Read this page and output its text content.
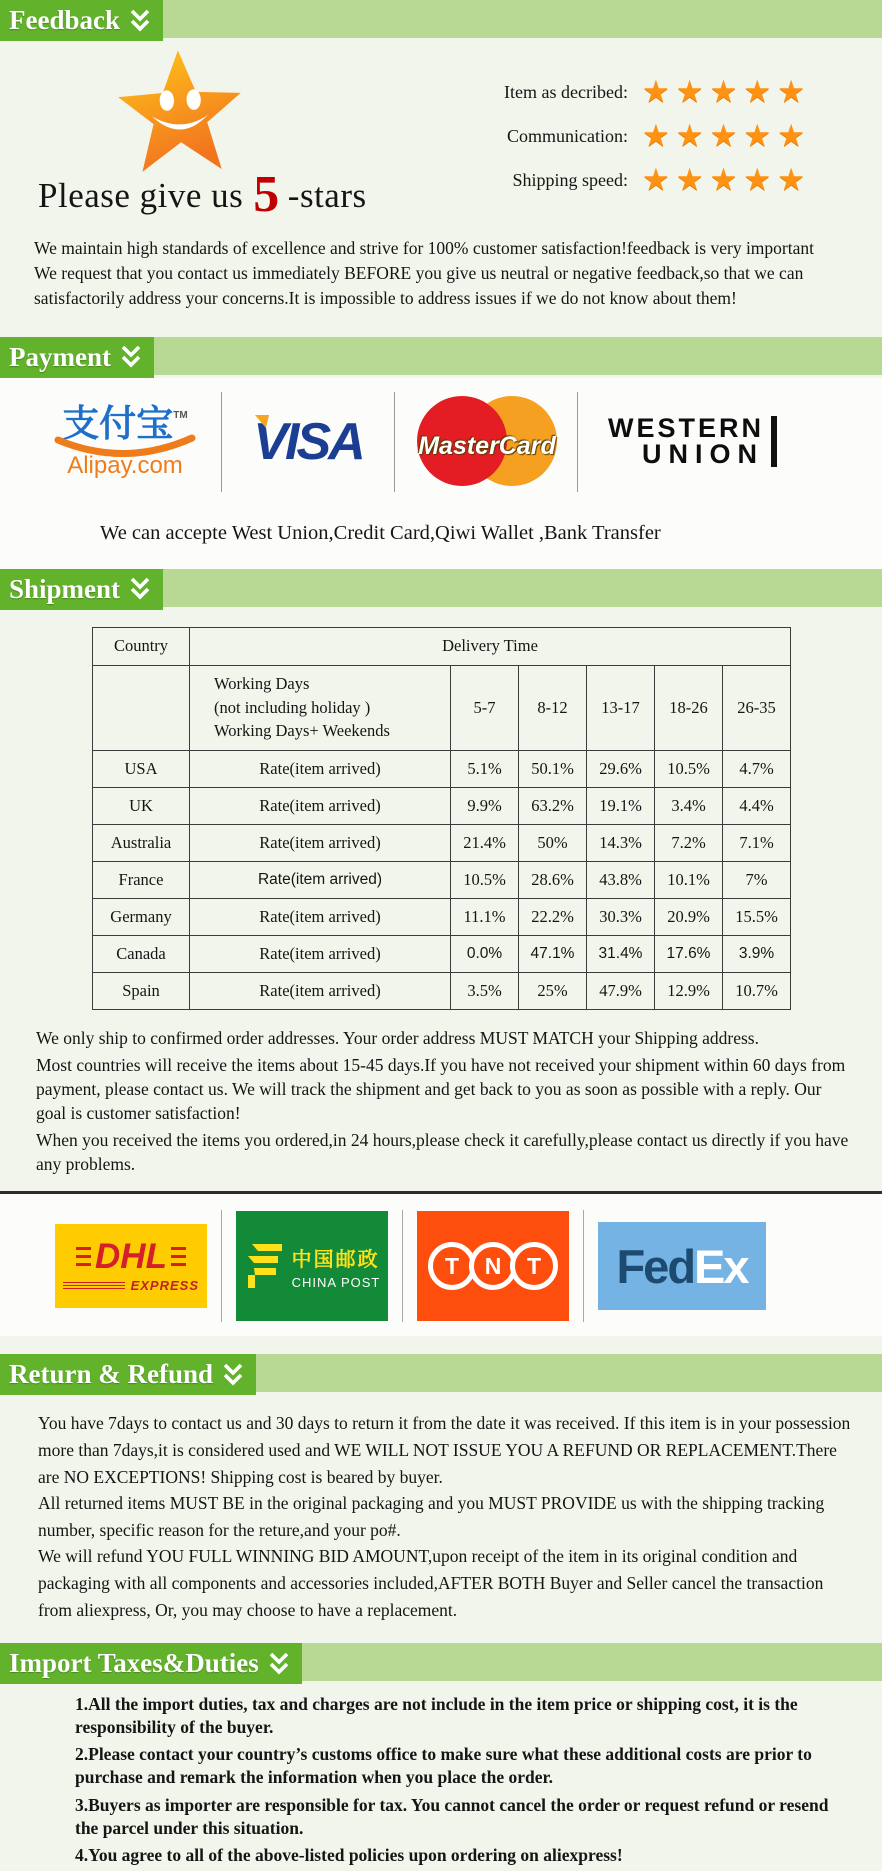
Feedback
Please give us 5 -stars
Item as decribed: ★ ★ ★ ★ ★
Communication: ★ ★ ★ ★ ★
Shipping speed: ★ ★ ★ ★ ★
We maintain high standards of excellence and strive for 100% customer satisfaction!feedback is very important
We request that you contact us immediately BEFORE you give us neutral or negative feedback,so that we can
satisfactorily address your concerns.It is impossible to address issues if we do not know about them!
Payment
支付宝™
Alipay.com	VISA	MasterCard
WESTERN
UNION
We can accepte West Union,Credit Card,Qiwi Wallet ,Bank Transfer
Shipment
Country	Delivery Time					

	Working Days
(not including holiday )
Working Days+ Weekends	5-7	8-12	13-17	18-26	26-35
USA	Rate(item arrived)	5.1%	50.1%	29.6%	10.5%	4.7%
UK	Rate(item arrived)	9.9%	63.2%	19.1%	3.4%	4.4%
Australia	Rate(item arrived)	21.4%	50%	14.3%	7.2%	7.1%
France	Rate(item arrived)	10.5%	28.6%	43.8%	10.1%	7%
Germany	Rate(item arrived)	11.1%	22.2%	30.3%	20.9%	15.5%
Canada	Rate(item arrived)	0.0%	47.1%	31.4%	17.6%	3.9%
Spain	Rate(item arrived)	3.5%	25%	47.9%	12.9%	10.7%
We only ship to confirmed order addresses. Your order address MUST MATCH your Shipping address.
Most countries will receive the items about 15-45 days.If you have not received your shipment within 60 days from payment, please contact us. We will track the shipment and get back to you as soon as possible with a reply. Our goal is customer satisfaction!
When you received the items you ordered,in 24 hours,please check it carefully,please contact us directly if you have any problems.
DHL
EXPRESS
中国邮政
CHINA POST
T	N	T	Fed Ex
Return & Refund

You have 7days to contact us and 30 days to return it from the date it was received. If this item is in your possession more than 7days,it is considered used and WE WILL NOT ISSUE YOU A REFUND OR REPLACEMENT.There are NO EXCEPTIONS! Shipping cost is beared by buyer.

All returned items MUST BE in the original packaging and you MUST PROVIDE us with the shipping tracking number, specific reason for the reture,and your po#.

We will refund YOU FULL WINNING BID AMOUNT,upon receipt of the item in its original condition and packaging with all components and accessories included,AFTER BOTH Buyer and Seller cancel the transaction from aliexpress, Or, you may choose to have a replacement.

Import Taxes&Duties

1.All the import duties, tax and charges are not include in the item price or shipping cost, it is the responsibility of the buyer.

2.Please contact your country’s customs office to make sure what these additional costs are prior to purchase and remark the information when you place the order.

3.Buyers as importer are responsible for tax. You cannot cancel the order or request refund or resend the parcel under this situation.

4.You agree to all of the above-listed policies upon ordering on aliexpress!
